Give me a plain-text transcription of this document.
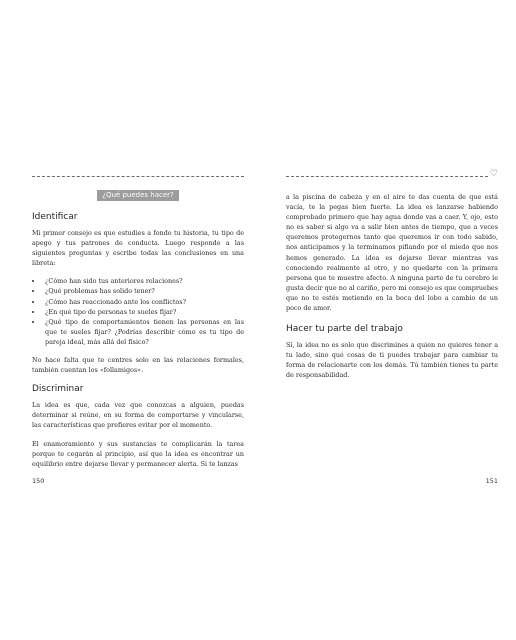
¿Qué puedes hacer?
Identificar

Mi primer consejo es que estudies a fondo tu historia, tu tipo de apego y tus patrones de conducta. Luego responde a las siguientes preguntas y escribe todas las conclusiones en una libreta:

• ¿Cómo han sido tus anteriores relaciones?
• ¿Qué problemas has solido tener?
• ¿Cómo has reaccionado ante los conflictos?
• ¿En qué tipo de personas te sueles fijar?
• ¿Qué tipo de comportamientos tienen las personas en las que te sueles fijar? ¿Podrías describir cómo es tu tipo de pareja ideal, más allá del físico?

No hace falta que te centres solo en las relaciones formales, también cuentan los «follamigos».

Discriminar

La idea es que, cada vez que conozcas a alguien, puedas determinar si reúne, en su forma de comportarse y vincularse, las características que prefieres evitar por el momento.

El enamoramiento y sus sustancias te complicarán la tarea porque te cegarán al principio, así que la idea es encontrar un equilibrio entre dejarse llevar y permanecer alerta. Si te lanzas

150
♡

a la piscina de cabeza y en el aire te das cuenta de que está vacía, te la pegas bien fuerte. La idea es lanzarse habiendo comprobado primero que hay agua donde vas a caer. Y, ojo, esto no es saber si algo va a salir bien antes de tiempo, que a veces queremos protegernos tanto que queremos ir con todo sabido, nos anticipamos y la terminamos pifiando por el miedo que nos hemos generado. La idea es dejarse llevar mientras vas conociendo realmente al otro, y no quedarte con la primera persona que te muestre afecto. A ninguna parte de tu cerebro le gusta decir que no al cariño, pero mi consejo es que compruebes que no te estés metiendo en la boca del lobo a cambio de un poco de amor.

Hacer tu parte del trabajo

Sí, la idea no es solo que discrimines a quien no quieres tener a tu lado, sino qué cosas de ti puedes trabajar para cambiar tu forma de relacionarte con los demás. Tú también tienes tu parte de responsabilidad.

151
